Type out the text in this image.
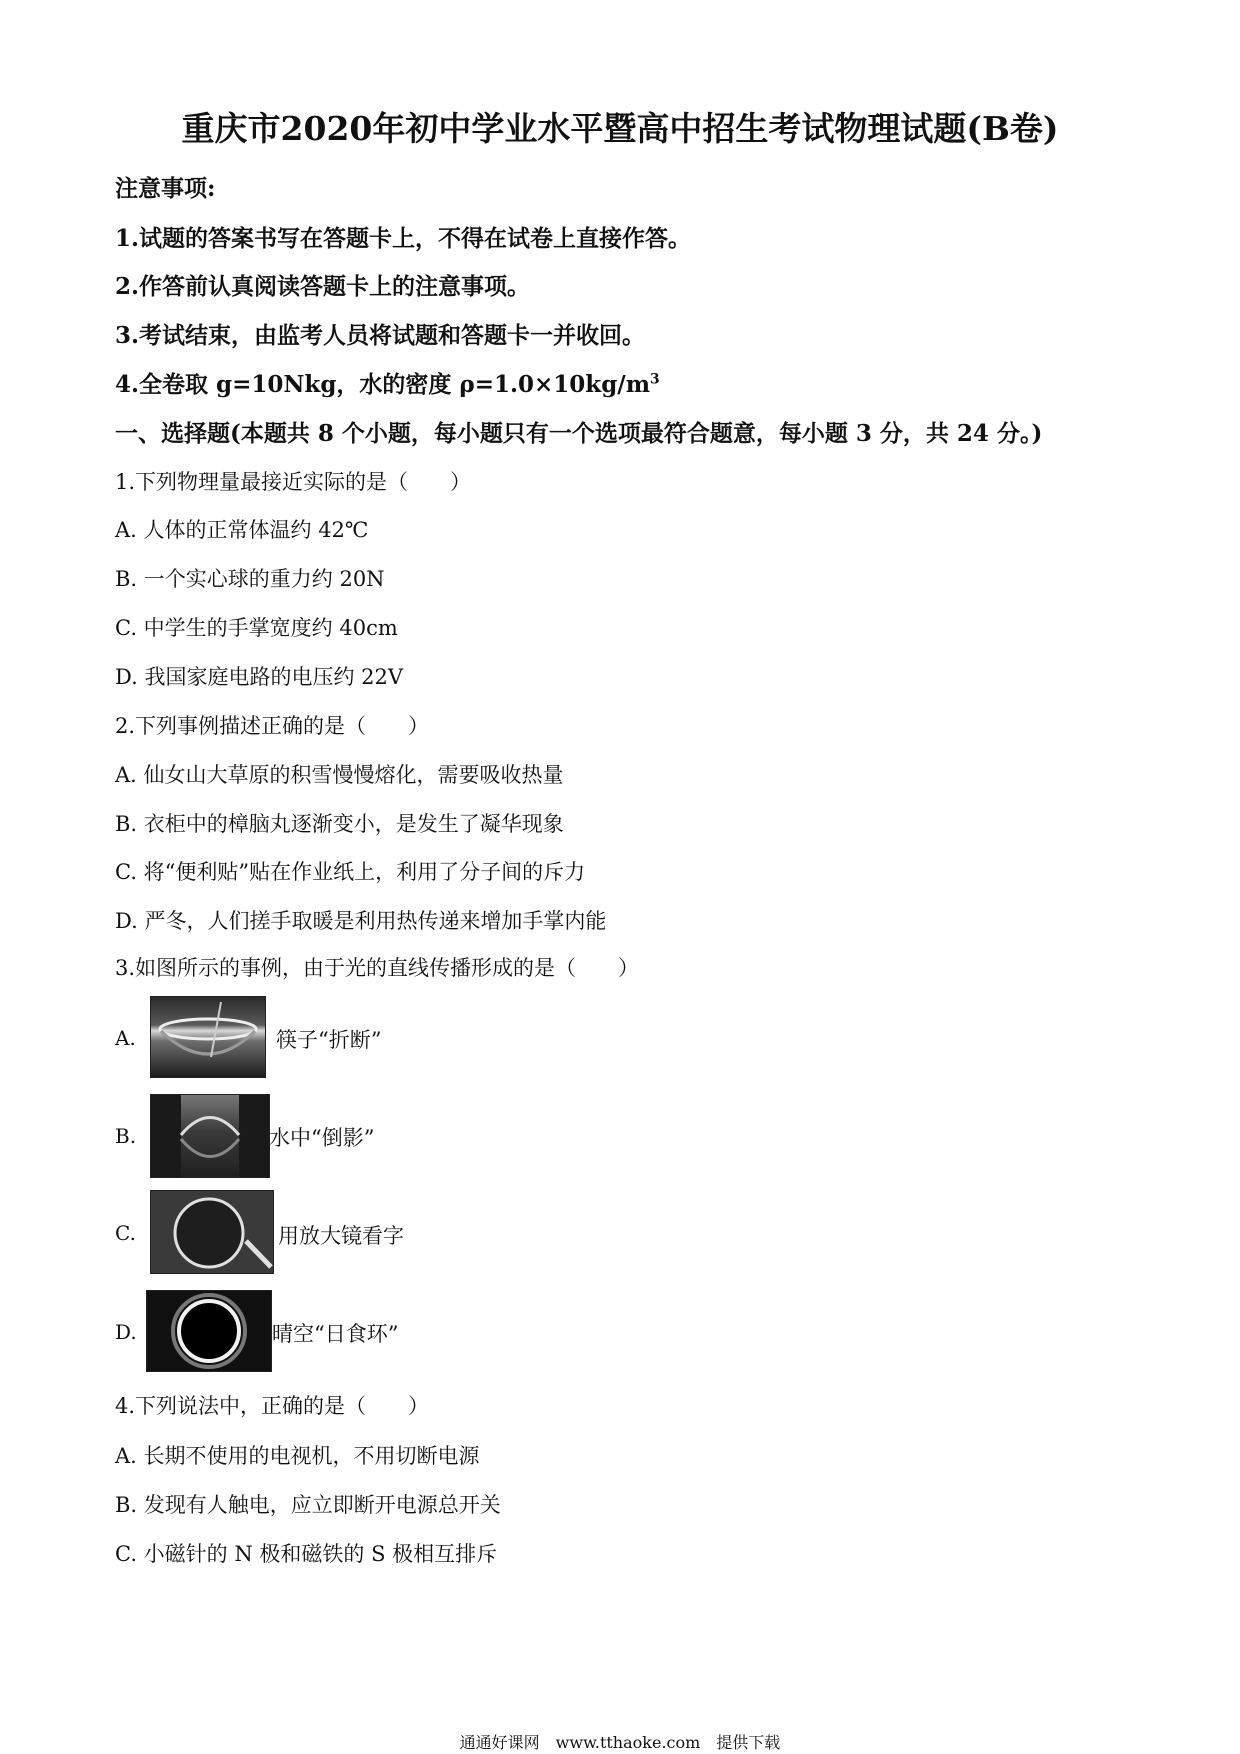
重庆市2020年初中学业水平暨高中招生考试物理试题(B卷)
注意事项:
1.试题的答案书写在答题卡上，不得在试卷上直接作答。
2.作答前认真阅读答题卡上的注意事项。
3.考试结束，由监考人员将试题和答题卡一并收回。
4.全卷取 g=10Nkg，水的密度 $\rho=1.0\times 10kg/m^3$
一、选择题(本题共 8 个小题，每小题只有一个选项最符合题意，每小题 3 分，共 24 分。)
1.下列物理量最接近实际的是（　　）
A. 人体的正常体温约 42℃
B. 一个实心球的重力约 20N
C. 中学生的手掌宽度约 40cm
D. 我国家庭电路的电压约 22V
2.下列事例描述正确的是（　　）
A. 仙女山大草原的积雪慢慢熔化，需要吸收热量
B. 衣柜中的樟脑丸逐渐变小，是发生了凝华现象
C. 将“便利贴”贴在作业纸上，利用了分子间的斥力
D. 严冬，人们搓手取暖是利用热传递来增加手掌内能
3.如图所示的事例，由于光的直线传播形成的是（　　）
A.	筷子“折断”
B.	水中“倒影”
C.	用放大镜看字
D.	晴空“日食环”
4.下列说法中，正确的是（　　）
A. 长期不使用的电视机，不用切断电源
B. 发现有人触电，应立即断开电源总开关
C. 小磁针的 N 极和磁铁的 S 极相互排斥
通通好课网　www.tthaoke.com　提供下载
